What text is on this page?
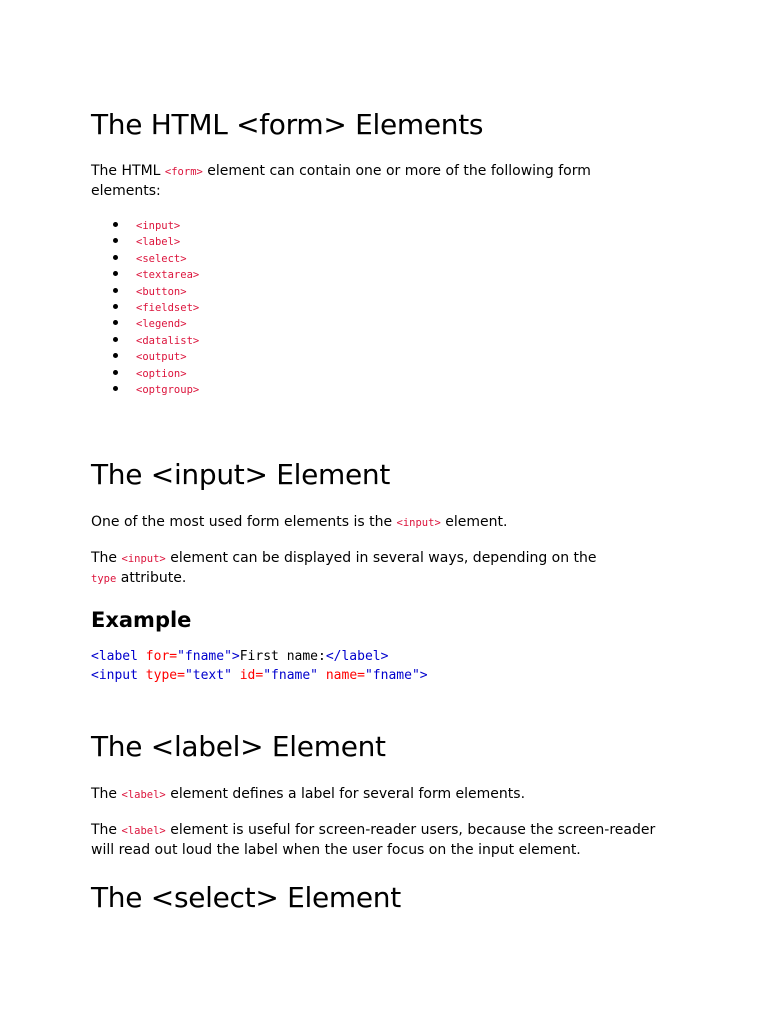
The HTML <form> Elements

The HTML <form> element can contain one or more of the following form elements:

<input>
<label>
<select>
<textarea>
<button>
<fieldset>
<legend>
<datalist>
<output>
<option>
<optgroup>
The <input> Element

One of the most used form elements is the <input> element.

The <input> element can be displayed in several ways, depending on the type attribute.

Example
<label for="fname">First name:</label>
<input type="text" id="fname" name="fname">
The <label> Element

The <label> element defines a label for several form elements.

The <label> element is useful for screen-reader users, because the screen-reader will read out loud the label when the user focus on the input element.

The <select> Element
